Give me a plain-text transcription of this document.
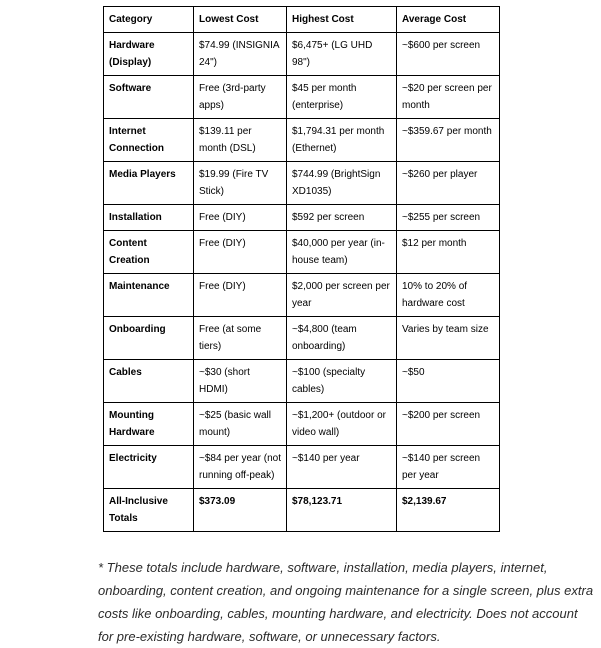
Category	Lowest Cost	Highest Cost	Average Cost
Hardware (Display)	$74.99 (INSIGNIA 24")	$6,475+ (LG UHD 98")	~$600 per screen
Software	Free (3rd-party apps)	$45 per month (enterprise)	~$20 per screen per month
Internet Connection	$139.11 per month (DSL)	$1,794.31 per month (Ethernet)	~$359.67 per month
Media Players	$19.99 (Fire TV Stick)	$744.99 (BrightSign XD1035)	~$260 per player
Installation	Free (DIY)	$592 per screen	~$255 per screen
Content Creation	Free (DIY)	$40,000 per year (in-house team)	$12 per month
Maintenance	Free (DIY)	$2,000 per screen per year	10% to 20% of hardware cost
Onboarding	Free (at some tiers)	~$4,800 (team onboarding)	Varies by team size
Cables	~$30 (short HDMI)	~$100 (specialty cables)	~$50
Mounting Hardware	~$25 (basic wall mount)	~$1,200+ (outdoor or video wall)	~$200 per screen
Electricity	~$84 per year (not running off-peak)	~$140 per year	~$140 per screen per year
All-Inclusive Totals	$373.09	$78,123.71	$2,139.67

* These totals include hardware, software, installation, media players, internet, onboarding, content creation, and ongoing maintenance for a single screen, plus extra costs like onboarding, cables, mounting hardware, and electricity. Does not account for pre-existing hardware, software, or unnecessary factors.
